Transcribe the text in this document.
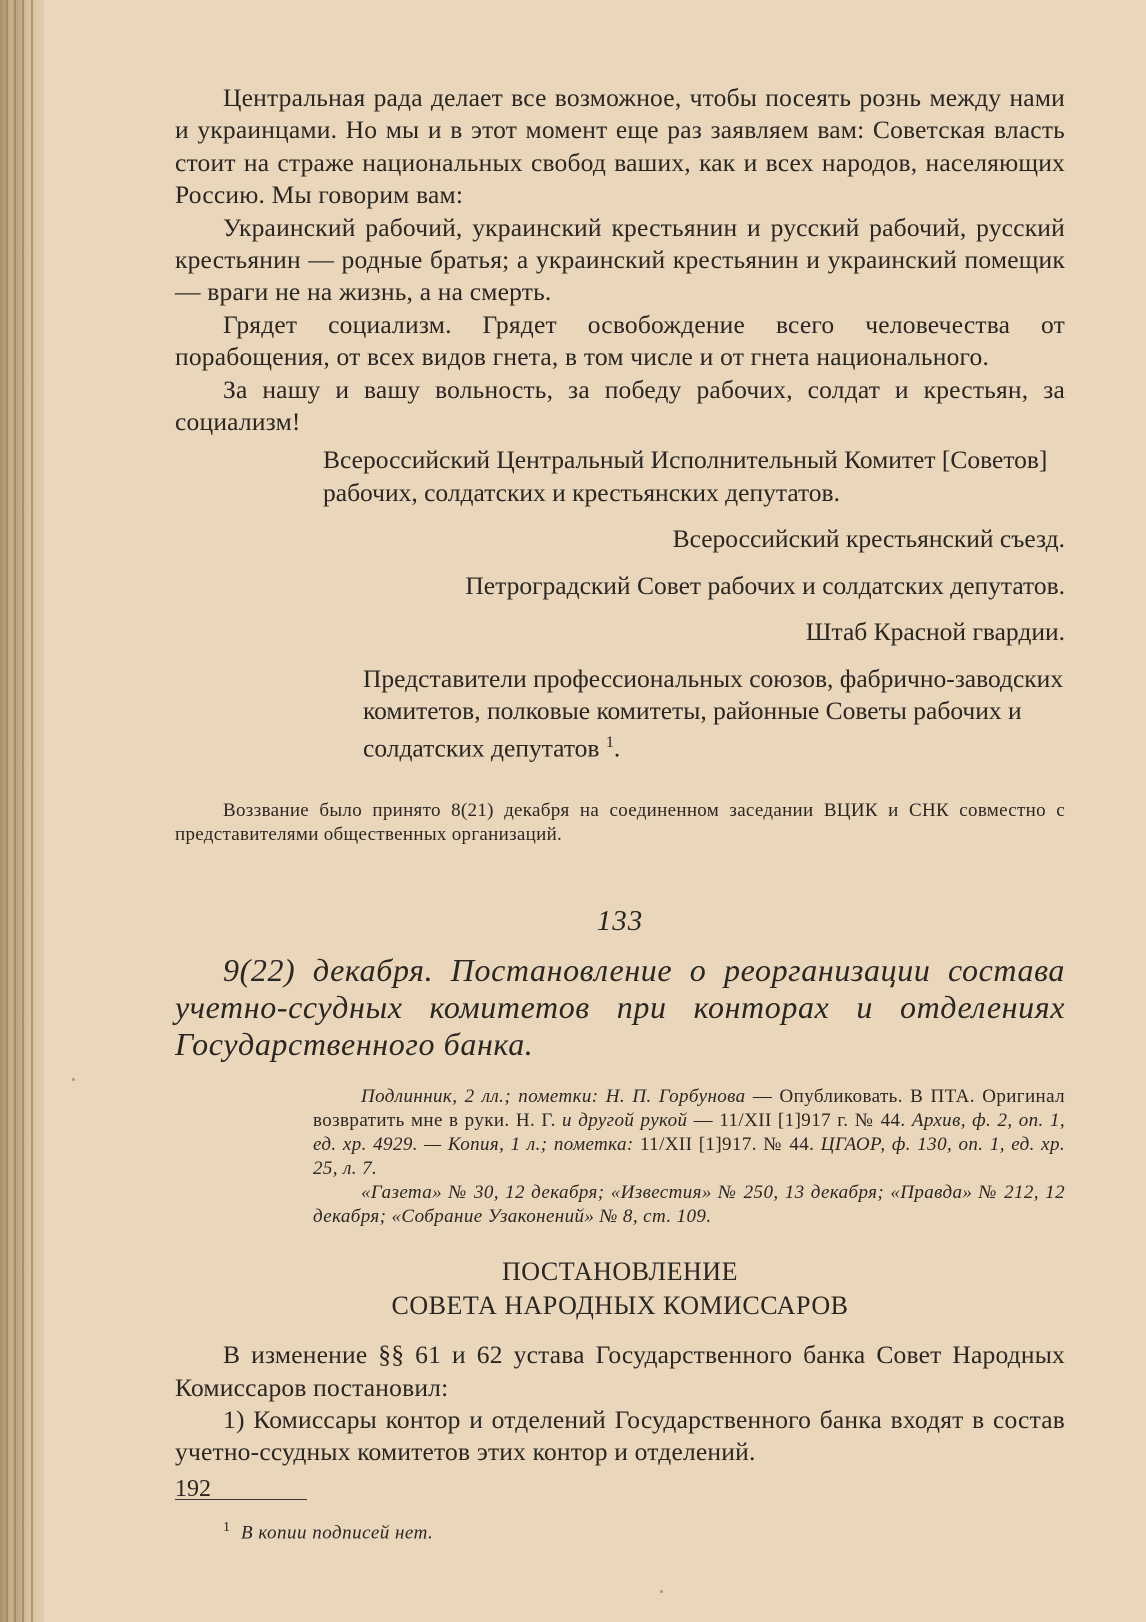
Центральная рада делает все возможное, чтобы посеять рознь между нами и украинцами. Но мы и в этот момент еще раз заявляем вам: Советская власть стоит на страже национальных свобод ваших, как и всех народов, населяющих Россию. Мы говорим вам:

Украинский рабочий, украинский крестьянин и русский рабочий, русский крестьянин — родные братья; а украинский крестьянин и украинский помещик — враги не на жизнь, а на смерть.

Грядет социализм. Грядет освобождение всего человечества от порабощения, от всех видов гнета, в том числе и от гнета национального.

За нашу и вашу вольность, за победу рабочих, солдат и крестьян, за социализм!

Всероссийский Центральный Исполнительный Комитет [Советов] рабочих, солдатских и крестьянских депутатов.

Всероссийский крестьянский съезд.

Петроградский Совет рабочих и солдатских депутатов.

Штаб Красной гвардии.

Представители профессиональных союзов, фабрично-заводских комитетов, полковые комитеты, районные Советы рабочих и солдатских депутатов $^1$.

Воззвание было принято 8(21) декабря на соединенном заседании ВЦИК и СНК совместно с представителями общественных организаций.

133

9(22) декабря. Постановление о реорганизации состава учетно-ссудных комитетов при конторах и отделениях Государственного банка.

Подлинник, 2 лл.; пометки: Н. П. Горбунова — Опубликовать. В ПТА. Оригинал возвратить мне в руки. Н. Г. и другой рукой — 11/XII [1]917 г. № 44. Архив, ф. 2, оп. 1, ед. хр. 4929. — Копия, 1 л.; пометка: 11/XII [1]917. № 44. ЦГАОР, ф. 130, оп. 1, ед. хр. 25, л. 7.

«Газета» № 30, 12 декабря; «Известия» № 250, 13 декабря; «Правда» № 212, 12 декабря; «Собрание Узаконений» № 8, ст. 109.

ПОСТАНОВЛЕНИЕ

СОВЕТА НАРОДНЫХ КОМИССАРОВ

В изменение §§ 61 и 62 устава Государственного банка Совет Народных Комиссаров постановил:

1) Комиссары контор и отделений Государственного банка входят в состав учетно-ссудных комитетов этих контор и отделений.

$^1$ В копии подписей нет.

192
